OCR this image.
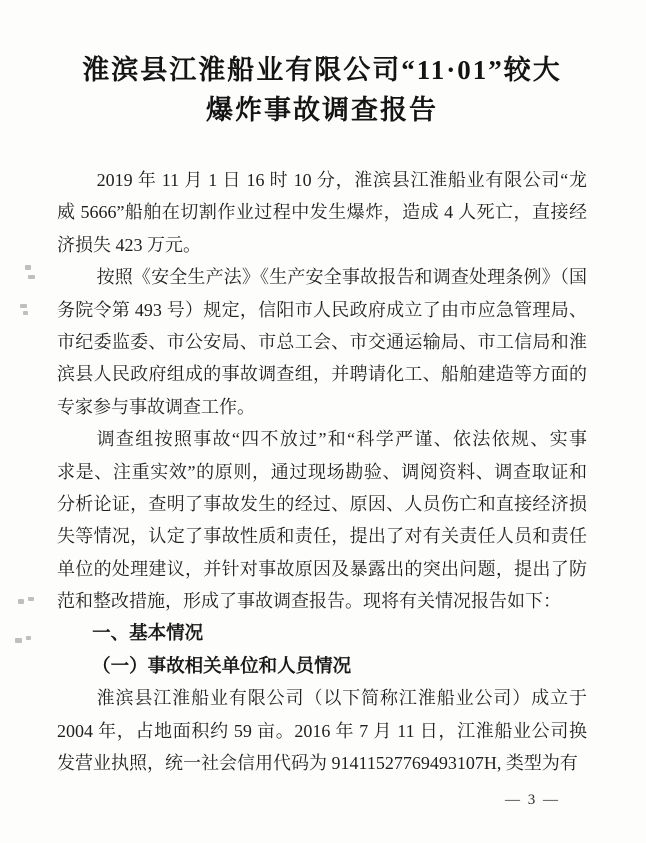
淮滨县江淮船业有限公司“11·01”较大
爆炸事故调查报告
2019 年 11 月 1 日 16 时 10 分，淮滨县江淮船业有限公司“龙
威 5666”船舶在切割作业过程中发生爆炸，造成 4 人死亡，直接经
济损失 423 万元。
按照《安全生产法》《生产安全事故报告和调查处理条例》（国
务院令第 493 号）规定，信阳市人民政府成立了由市应急管理局、
市纪委监委、市公安局、市总工会、市交通运输局、市工信局和淮
滨县人民政府组成的事故调查组，并聘请化工、船舶建造等方面的
专家参与事故调查工作。
调查组按照事故“四不放过”和“科学严谨、依法依规、实事
求是、注重实效”的原则，通过现场勘验、调阅资料、调查取证和
分析论证，查明了事故发生的经过、原因、人员伤亡和直接经济损
失等情况，认定了事故性质和责任，提出了对有关责任人员和责任
单位的处理建议，并针对事故原因及暴露出的突出问题，提出了防
范和整改措施，形成了事故调查报告。现将有关情况报告如下：
一、基本情况
（一）事故相关单位和人员情况
淮滨县江淮船业有限公司（以下简称江淮船业公司）成立于
2004 年，占地面积约 59 亩。2016 年 7 月 11 日，江淮船业公司换
发营业执照，统一社会信用代码为 91411527769493107H, 类型为有
— 3 —
